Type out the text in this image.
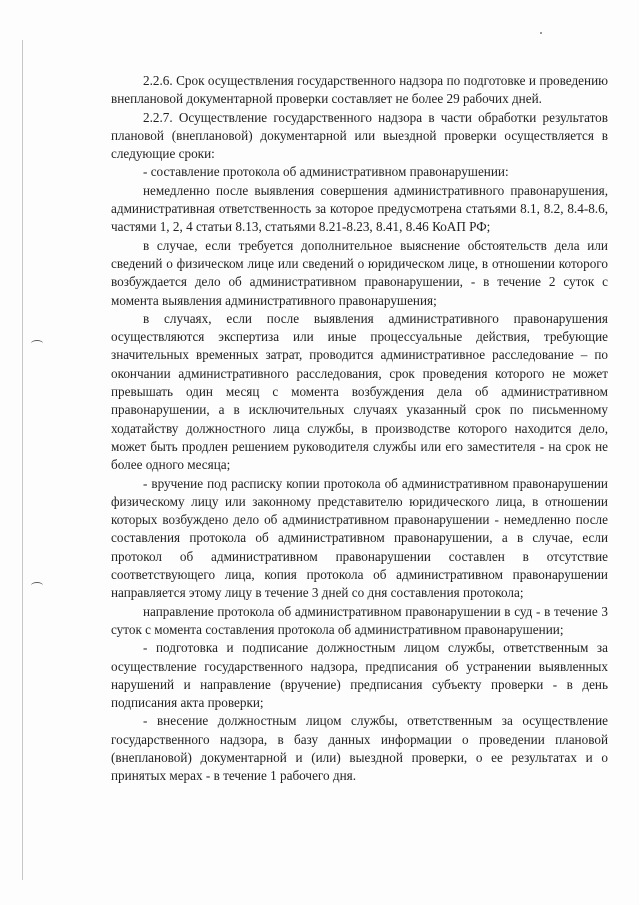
2.2.6. Срок осуществления государственного надзора по подготовке и проведению внеплановой документарной проверки составляет не более 29 рабочих дней.

2.2.7. Осуществление государственного надзора в части обработки результатов плановой (внеплановой) документарной или выездной проверки осуществляется в следующие сроки:

- составление протокола об административном правонарушении:

немедленно после выявления совершения административного правонарушения, административная ответственность за которое предусмотрена статьями 8.1, 8.2, 8.4-8.6, частями 1, 2, 4 статьи 8.13, статьями 8.21-8.23, 8.41, 8.46 КоАП РФ;

в случае, если требуется дополнительное выяснение обстоятельств дела или сведений о физическом лице или сведений о юридическом лице, в отношении которого возбуждается дело об административном правонарушении, - в течение 2 суток с момента выявления административного правонарушения;

в случаях, если после выявления административного правонарушения осуществляются экспертиза или иные процессуальные действия, требующие значительных временных затрат, проводится административное расследование – по окончании административного расследования, срок проведения которого не может превышать один месяц с момента возбуждения дела об административном правонарушении, а в исключительных случаях указанный срок по письменному ходатайству должностного лица службы, в производстве которого находится дело, может быть продлен решением руководителя службы или его заместителя - на срок не более одного месяца;

- вручение под расписку копии протокола об административном правонарушении физическому лицу или законному представителю юридического лица, в отношении которых возбуждено дело об административном правонарушении - немедленно после составления протокола об административном правонарушении, а в случае, если протокол об административном правонарушении составлен в отсутствие соответствующего лица, копия протокола об административном правонарушении направляется этому лицу в течение 3 дней со дня составления протокола;

направление протокола об административном правонарушении в суд - в течение 3 суток с момента составления протокола об административном правонарушении;

- подготовка и подписание должностным лицом службы, ответственным за осуществление государственного надзора, предписания об устранении выявленных нарушений и направление (вручение) предписания субъекту проверки - в день подписания акта проверки;

- внесение должностным лицом службы, ответственным за осуществление государственного надзора, в базу данных информации о проведении плановой (внеплановой) документарной и (или) выездной проверки, о ее результатах и о принятых мерах - в течение 1 рабочего дня.
